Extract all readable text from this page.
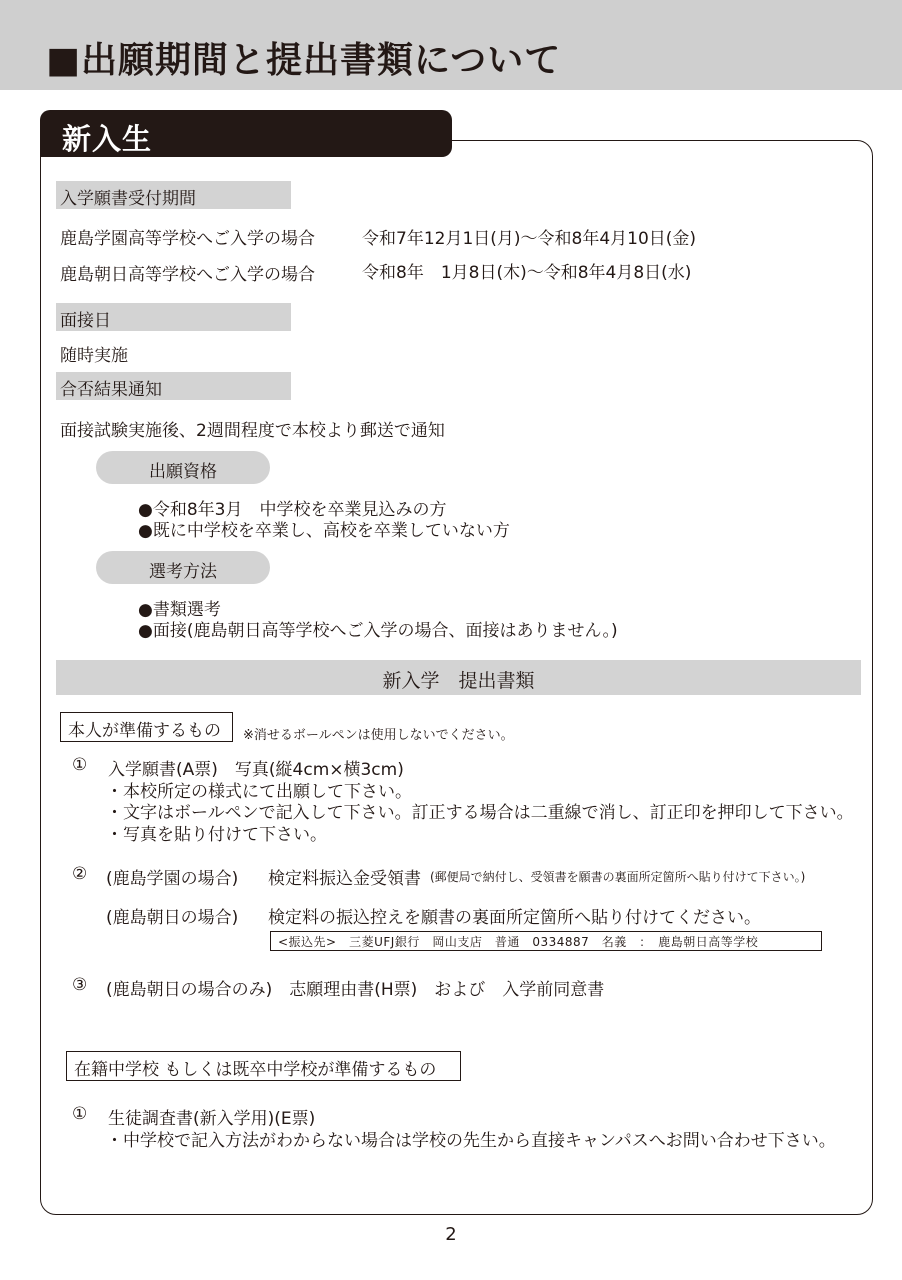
■出願期間と提出書類について
新入生
入学願書受付期間
鹿島学園高等学校へご入学の場合	令和7年12月1日(月)～令和8年4月10日(金)
鹿島朝日高等学校へご入学の場合	令和8年　1月8日(木)～令和8年4月8日(水)
面接日
随時実施
合否結果通知
面接試験実施後、2週間程度で本校より郵送で通知
出願資格
●令和8年3月　中学校を卒業見込みの方
●既に中学校を卒業し、高校を卒業していない方
選考方法
●書類選考
●面接(鹿島朝日高等学校へご入学の場合、面接はありません。)
新入学　提出書類
本人が準備するもの	※消せるボールペンは使用しないでください。
① 入学願書(A票)　写真(縦4cm×横3cm)
・本校所定の様式にて出願して下さい。
・文字はボールペンで記入して下さい。訂正する場合は二重線で消し、訂正印を押印して下さい。
・写真を貼り付けて下さい。
② (鹿島学園の場合) 検定料振込金受領書 (郵便局で納付し、受領書を願書の裏面所定箇所へ貼り付けて下さい。)
(鹿島朝日の場合) 検定料の振込控えを願書の裏面所定箇所へ貼り付けてください。
<振込先>　三菱UFJ銀行　岡山支店　普通　0334887　名義　：　鹿島朝日高等学校
③ (鹿島朝日の場合のみ)　志願理由書(H票)　および　入学前同意書
在籍中学校 もしくは既卒中学校が準備するもの
① 生徒調査書(新入学用)(E票)
・中学校で記入方法がわからない場合は学校の先生から直接キャンパスへお問い合わせ下さい。
2
